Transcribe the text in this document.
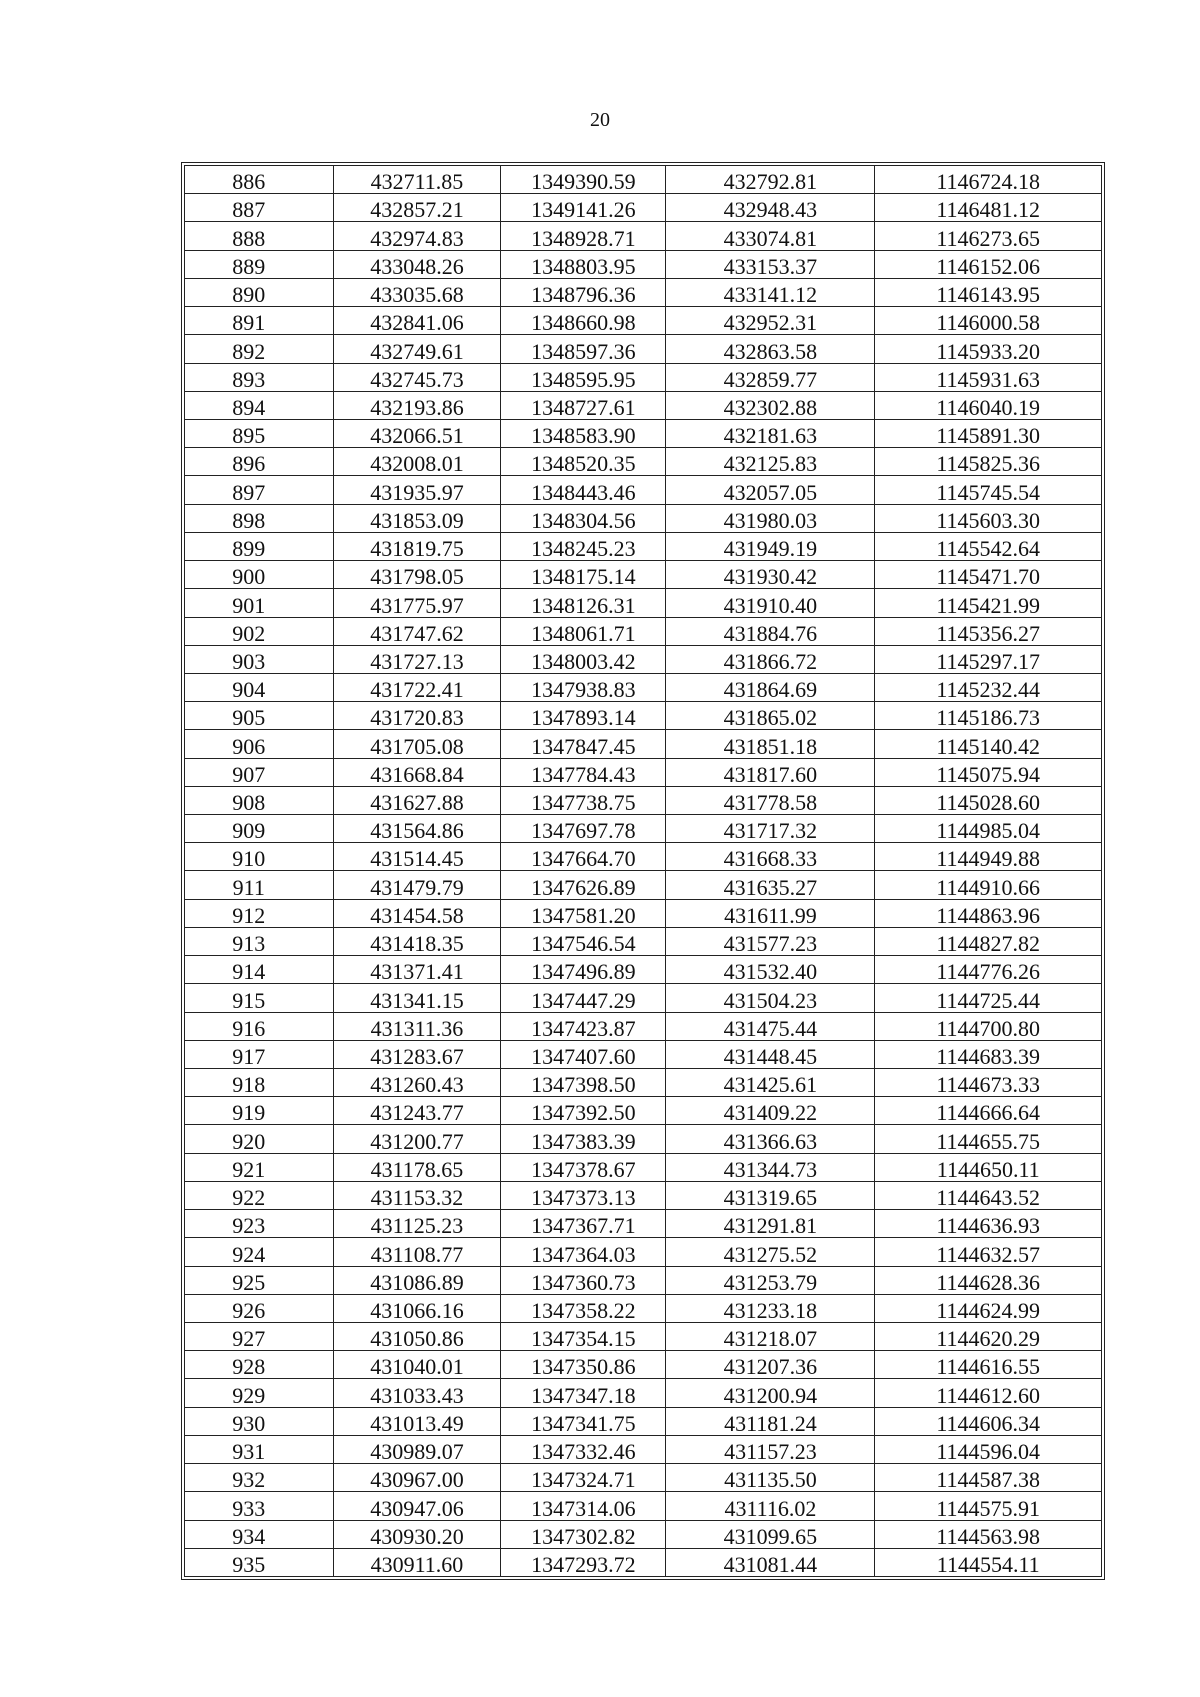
20
886	432711.85	1349390.59	432792.81	1146724.18
887	432857.21	1349141.26	432948.43	1146481.12
888	432974.83	1348928.71	433074.81	1146273.65
889	433048.26	1348803.95	433153.37	1146152.06
890	433035.68	1348796.36	433141.12	1146143.95
891	432841.06	1348660.98	432952.31	1146000.58
892	432749.61	1348597.36	432863.58	1145933.20
893	432745.73	1348595.95	432859.77	1145931.63
894	432193.86	1348727.61	432302.88	1146040.19
895	432066.51	1348583.90	432181.63	1145891.30
896	432008.01	1348520.35	432125.83	1145825.36
897	431935.97	1348443.46	432057.05	1145745.54
898	431853.09	1348304.56	431980.03	1145603.30
899	431819.75	1348245.23	431949.19	1145542.64
900	431798.05	1348175.14	431930.42	1145471.70
901	431775.97	1348126.31	431910.40	1145421.99
902	431747.62	1348061.71	431884.76	1145356.27
903	431727.13	1348003.42	431866.72	1145297.17
904	431722.41	1347938.83	431864.69	1145232.44
905	431720.83	1347893.14	431865.02	1145186.73
906	431705.08	1347847.45	431851.18	1145140.42
907	431668.84	1347784.43	431817.60	1145075.94
908	431627.88	1347738.75	431778.58	1145028.60
909	431564.86	1347697.78	431717.32	1144985.04
910	431514.45	1347664.70	431668.33	1144949.88
911	431479.79	1347626.89	431635.27	1144910.66
912	431454.58	1347581.20	431611.99	1144863.96
913	431418.35	1347546.54	431577.23	1144827.82
914	431371.41	1347496.89	431532.40	1144776.26
915	431341.15	1347447.29	431504.23	1144725.44
916	431311.36	1347423.87	431475.44	1144700.80
917	431283.67	1347407.60	431448.45	1144683.39
918	431260.43	1347398.50	431425.61	1144673.33
919	431243.77	1347392.50	431409.22	1144666.64
920	431200.77	1347383.39	431366.63	1144655.75
921	431178.65	1347378.67	431344.73	1144650.11
922	431153.32	1347373.13	431319.65	1144643.52
923	431125.23	1347367.71	431291.81	1144636.93
924	431108.77	1347364.03	431275.52	1144632.57
925	431086.89	1347360.73	431253.79	1144628.36
926	431066.16	1347358.22	431233.18	1144624.99
927	431050.86	1347354.15	431218.07	1144620.29
928	431040.01	1347350.86	431207.36	1144616.55
929	431033.43	1347347.18	431200.94	1144612.60
930	431013.49	1347341.75	431181.24	1144606.34
931	430989.07	1347332.46	431157.23	1144596.04
932	430967.00	1347324.71	431135.50	1144587.38
933	430947.06	1347314.06	431116.02	1144575.91
934	430930.20	1347302.82	431099.65	1144563.98
935	430911.60	1347293.72	431081.44	1144554.11
